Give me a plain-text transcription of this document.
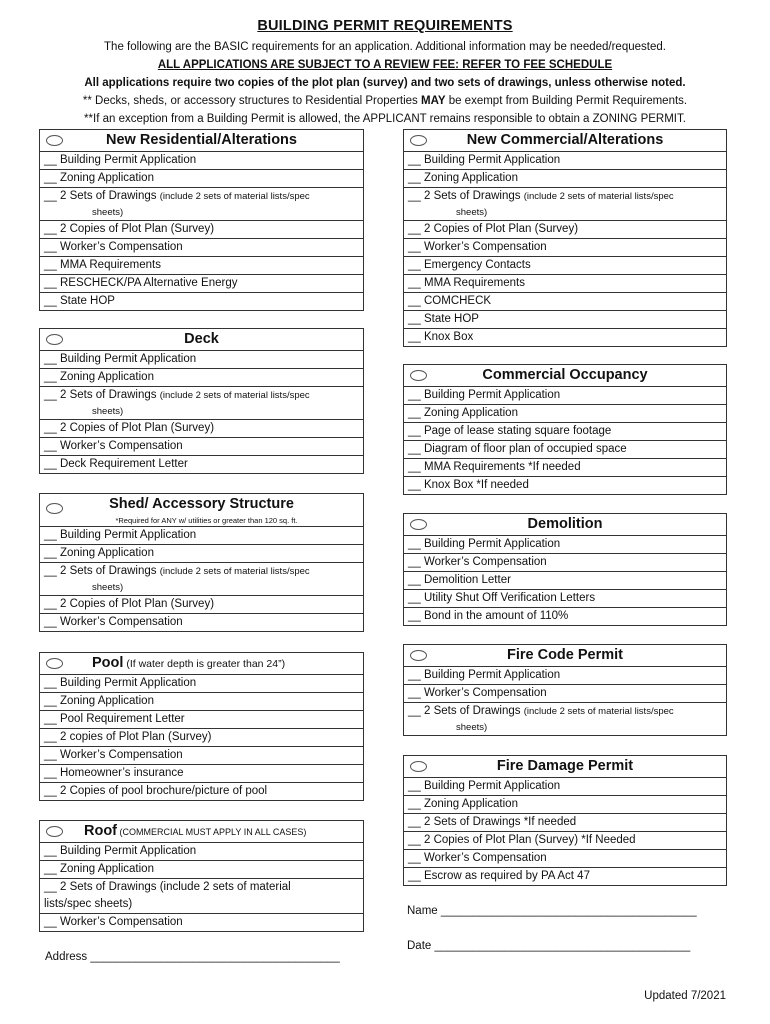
BUILDING PERMIT REQUIREMENTS
The following are the BASIC requirements for an application. Additional information may be needed/requested.
ALL APPLICATIONS ARE SUBJECT TO A REVIEW FEE: REFER TO FEE SCHEDULE
All applications require two copies of the plot plan (survey) and two sets of drawings, unless otherwise noted.
** Decks, sheds, or accessory structures to Residential Properties MAY be exempt from Building Permit Requirements.
**If an exception from a Building Permit is allowed, the APPLICANT remains responsible to obtain a ZONING PERMIT.
New Residential/Alterations
__ Building Permit Application
__ Zoning Application
__ 2 Sets of Drawings (include 2 sets of material lists/spec
sheets)
__ 2 Copies of Plot Plan (Survey)
__ Worker’s Compensation
__ MMA Requirements
__ RESCHECK/PA Alternative Energy
__ State HOP
New Commercial/Alterations
__ Building Permit Application
__ Zoning Application
__ 2 Sets of Drawings (include 2 sets of material lists/spec
sheets)
__ 2 Copies of Plot Plan (Survey)
__ Worker’s Compensation
__ Emergency Contacts
__ MMA Requirements
__ COMCHECK
__ State HOP
__ Knox Box
Deck
__ Building Permit Application
__ Zoning Application
__ 2 Sets of Drawings (include 2 sets of material lists/spec
sheets)
__ 2 Copies of Plot Plan (Survey)
__ Worker’s Compensation
__ Deck Requirement Letter
Commercial Occupancy
__ Building Permit Application
__ Zoning Application
__ Page of lease stating square footage
__ Diagram of floor plan of occupied space
__ MMA Requirements *If needed
__ Knox Box *If needed
Shed/ Accessory Structure
*Required for ANY w/ utilities or greater than 120 sq. ft.
__ Building Permit Application
__ Zoning Application
__ 2 Sets of Drawings (include 2 sets of material lists/spec
sheets)
__ 2 Copies of Plot Plan (Survey)
__ Worker’s Compensation
Demolition
__ Building Permit Application
__ Worker’s Compensation
__ Demolition Letter
__ Utility Shut Off Verification Letters
__ Bond in the amount of 110%
Pool (If water depth is greater than 24”)
__ Building Permit Application
__ Zoning Application
__ Pool Requirement Letter
__ 2 copies of Plot Plan (Survey)
__ Worker’s Compensation
__ Homeowner’s insurance
__ 2 Copies of pool brochure/picture of pool
Fire Code Permit
__ Building Permit Application
__ Worker’s Compensation
__ 2 Sets of Drawings (include 2 sets of material lists/spec
sheets)
Roof (COMMERCIAL MUST APPLY IN ALL CASES)
__ Building Permit Application
__ Zoning Application
__ 2 Sets of Drawings (include 2 sets of material
lists/spec sheets)
__ Worker’s Compensation
Fire Damage Permit
__ Building Permit Application
__ Zoning Application
__ 2 Sets of Drawings *If needed
__ 2 Copies of Plot Plan (Survey) *If Needed
__ Worker’s Compensation
__ Escrow as required by PA Act 47
Name ________________________________________
Date ________________________________________
Address _______________________________________
Updated 7/2021
